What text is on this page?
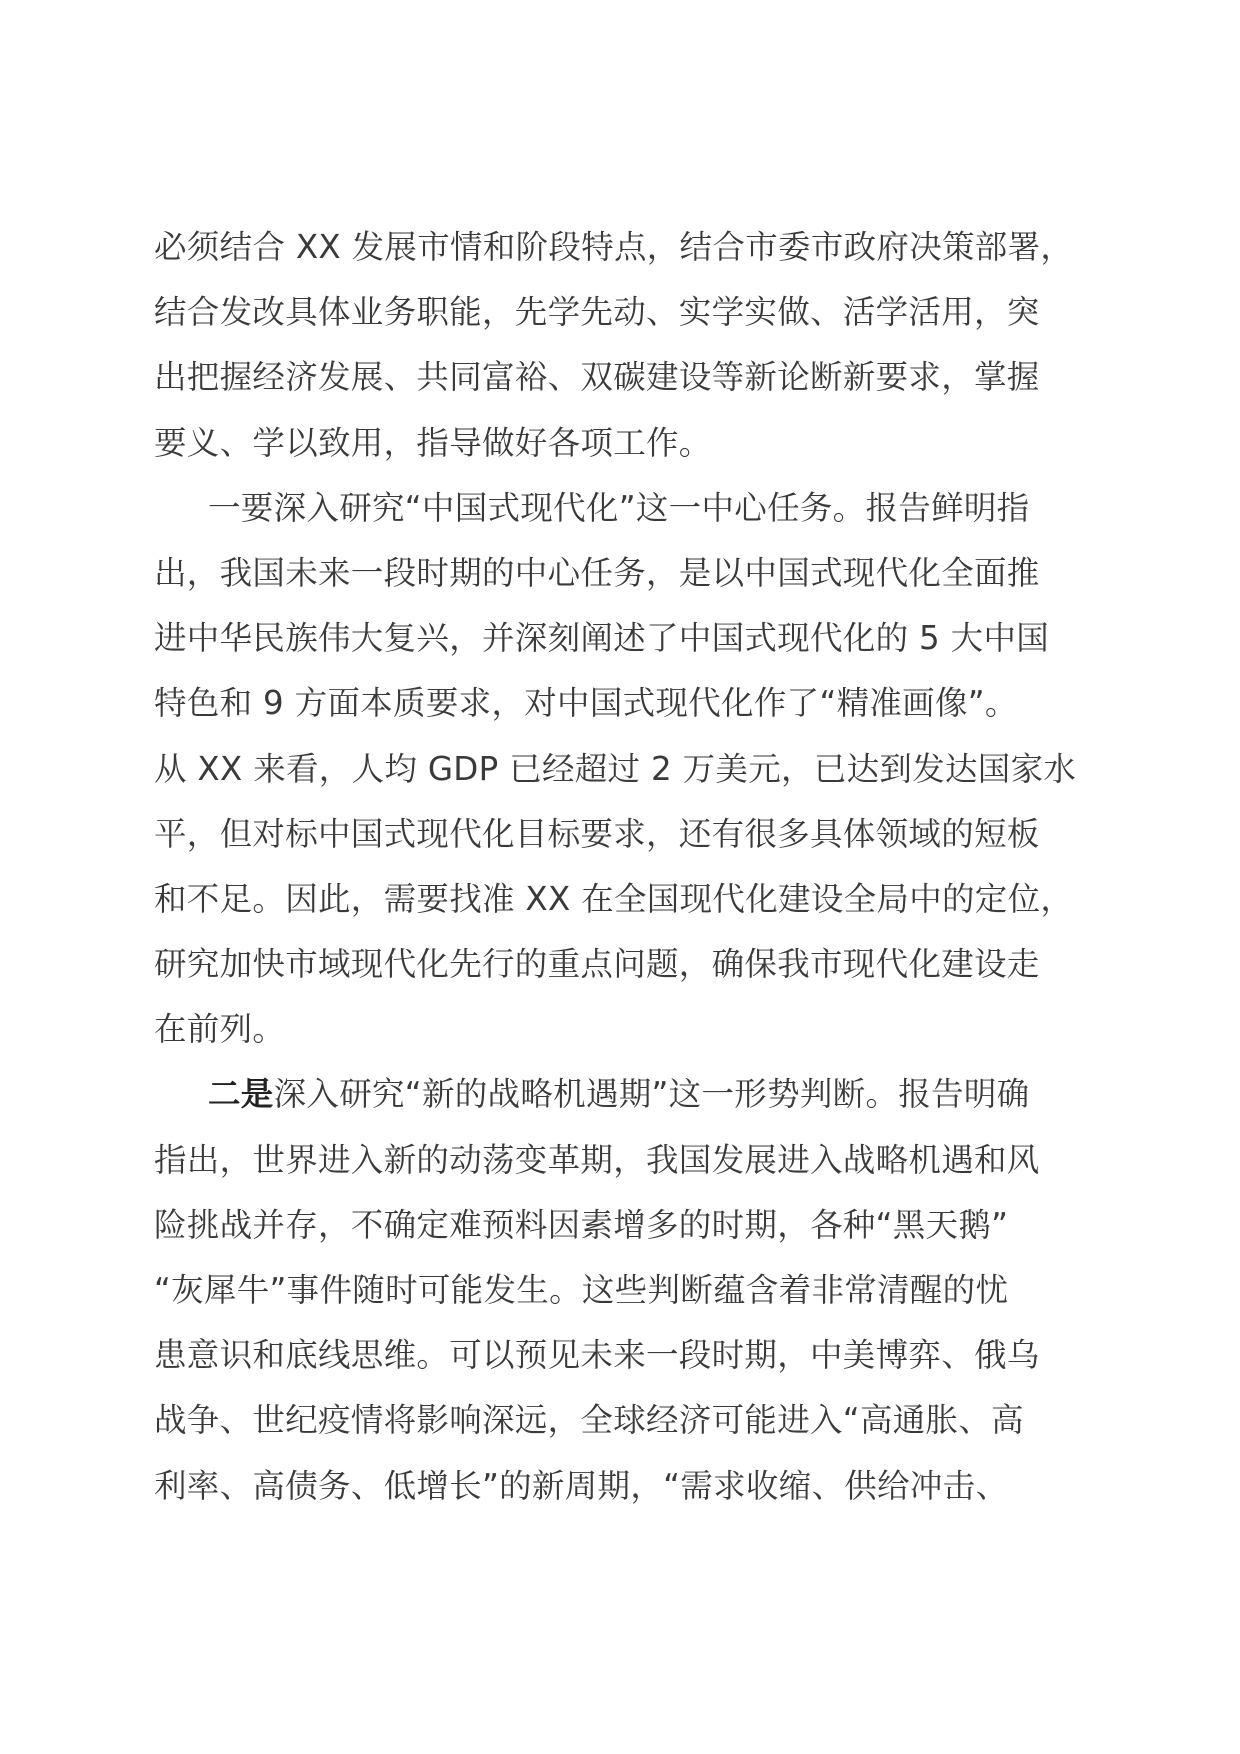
必须结合 XX 发展市情和阶段特点，结合市委市政府决策部署，
结合发改具体业务职能，先学先动、实学实做、活学活用，突
出把握经济发展、共同富裕、双碳建设等新论断新要求，掌握
要义、学以致用，指导做好各项工作。
一要深入研究“中国式现代化”这一中心任务。报告鲜明指
出，我国未来一段时期的中心任务，是以中国式现代化全面推
进中华民族伟大复兴，并深刻阐述了中国式现代化的 5 大中国
特色和 9 方面本质要求，对中国式现代化作了“精准画像”。
从 XX 来看，人均 GDP 已经超过 2 万美元，已达到发达国家水
平，但对标中国式现代化目标要求，还有很多具体领域的短板
和不足。因此，需要找准 XX 在全国现代化建设全局中的定位，
研究加快市域现代化先行的重点问题，确保我市现代化建设走
在前列。
二是深入研究“新的战略机遇期”这一形势判断。报告明确
指出，世界进入新的动荡变革期，我国发展进入战略机遇和风
险挑战并存，不确定难预料因素增多的时期，各种“黑天鹅”
“灰犀牛”事件随时可能发生。这些判断蕴含着非常清醒的忧
患意识和底线思维。可以预见未来一段时期，中美博弈、俄乌
战争、世纪疫情将影响深远，全球经济可能进入“高通胀、高
利率、高债务、低增长”的新周期，“需求收缩、供给冲击、
